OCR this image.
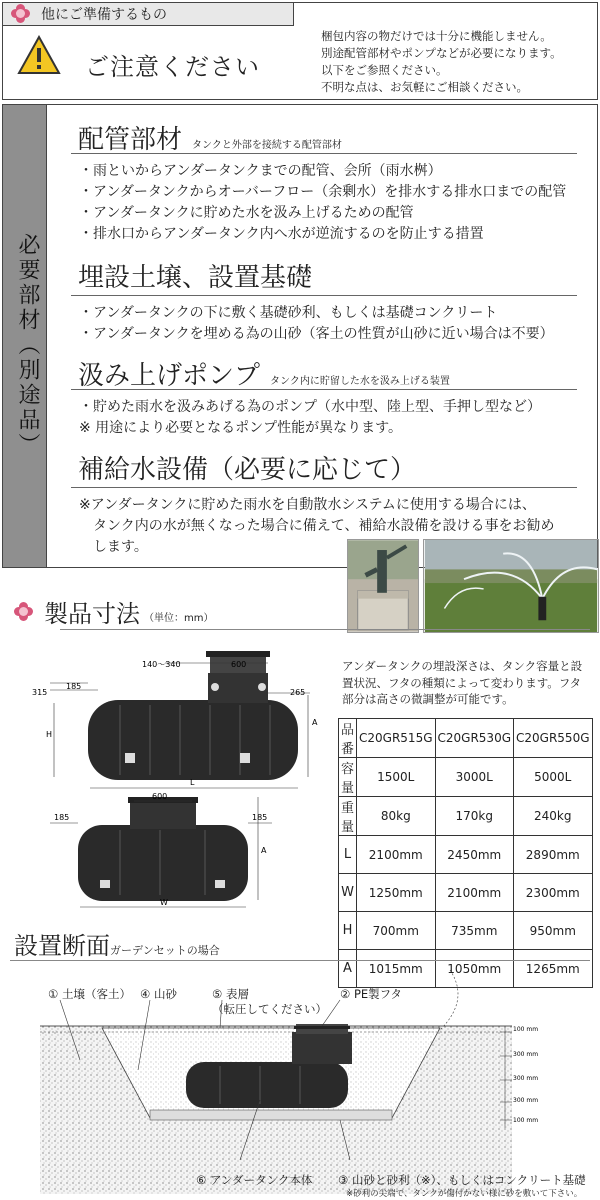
他にご準備するもの
ご注意ください
梱包内容の物だけでは十分に機能しません。
別途配管部材やポンプなどが必要になります。
以下をご参照ください。
不明な点は、お気軽にご相談ください。
必要部材（別途品）
配管部材 タンクと外部を接続する配管部材
・雨といからアンダータンクまでの配管、会所（雨水桝）
・アンダータンクからオーバーフロー（余剰水）を排水する排水口までの配管
・アンダータンクに貯めた水を汲み上げるための配管
・排水口からアンダータンク内へ水が逆流するのを防止する措置
埋設土壌、設置基礎
・アンダータンクの下に敷く基礎砂利、もしくは基礎コンクリート
・アンダータンクを埋める為の山砂（客土の性質が山砂に近い場合は不要）
汲み上げポンプ タンク内に貯留した水を汲み上げる装置
・貯めた雨水を汲みあげる為のポンプ（水中型、陸上型、手押し型など）
※ 用途により必要となるポンプ性能が異なります。
補給水設備（必要に応じて）
※アンダータンクに貯めた雨水を自動散水システムに使用する場合には、
　タンク内の水が無くなった場合に備えて、補給水設備を設ける事をお勧め
　します。
製品寸法 （単位：mm）
140～340	600
315
185
265
H
A
L
600
185	185
A
W
アンダータンクの埋設深さは、タンク容量と設置状況、フタの種類によって変わります。フタ部分は高さの微調整が可能です。
品番	C20GR515G	C20GR530G	C20GR550G
容量	1500L	3000L	5000L
重量	80kg	170kg	240kg
L	2100mm	2450mm	2890mm
W	1250mm	2100mm	2300mm
H	700mm	735mm	950mm
A	1015mm	1050mm	1265mm
設置断面ガーデンセットの場合
100 mm
300 mm
300 mm
300 mm
100 mm
① 土壌（客土） ④ 山砂	⑤ 表層
（転圧してください）
② PE製フタ
⑥ アンダータンク本体 ③ 山砂と砂利（※）、もしくはコンクリート基礎
※砂利の尖端で、タンクが傷付かない様に砂を敷いて下さい。
